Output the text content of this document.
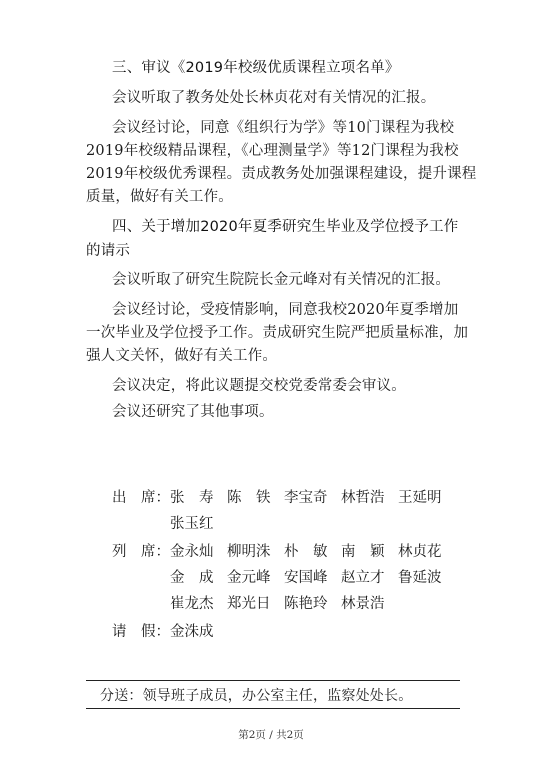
三、审议《2019年校级优质课程立项名单》
会议听取了教务处处长林贞花对有关情况的汇报。
会议经讨论，同意《组织行为学》等10门课程为我校
2019年校级精品课程，《心理测量学》等12门课程为我校
2019年校级优秀课程。责成教务处加强课程建设，提升课程
质量，做好有关工作。
四、关于增加2020年夏季研究生毕业及学位授予工作
的请示
会议听取了研究生院院长金元峰对有关情况的汇报。
会议经讨论，受疫情影响，同意我校2020年夏季增加
一次毕业及学位授予工作。责成研究生院严把质量标准，加
强人文关怀，做好有关工作。
会议决定，将此议题提交校党委常委会审议。
会议还研究了其他事项。
出　席： 张　寿 陈　铁 李宝奇 林哲浩 王延明
张玉红
列　席： 金永灿 柳明洙 朴　敏 南　颖 林贞花
金　成 金元峰 安国峰 赵立才 鲁延波
崔龙杰 郑光日 陈艳玲 林景浩
请　假： 金洙成
分送：领导班子成员，办公室主任，监察处处长。
第2页 / 共2页
